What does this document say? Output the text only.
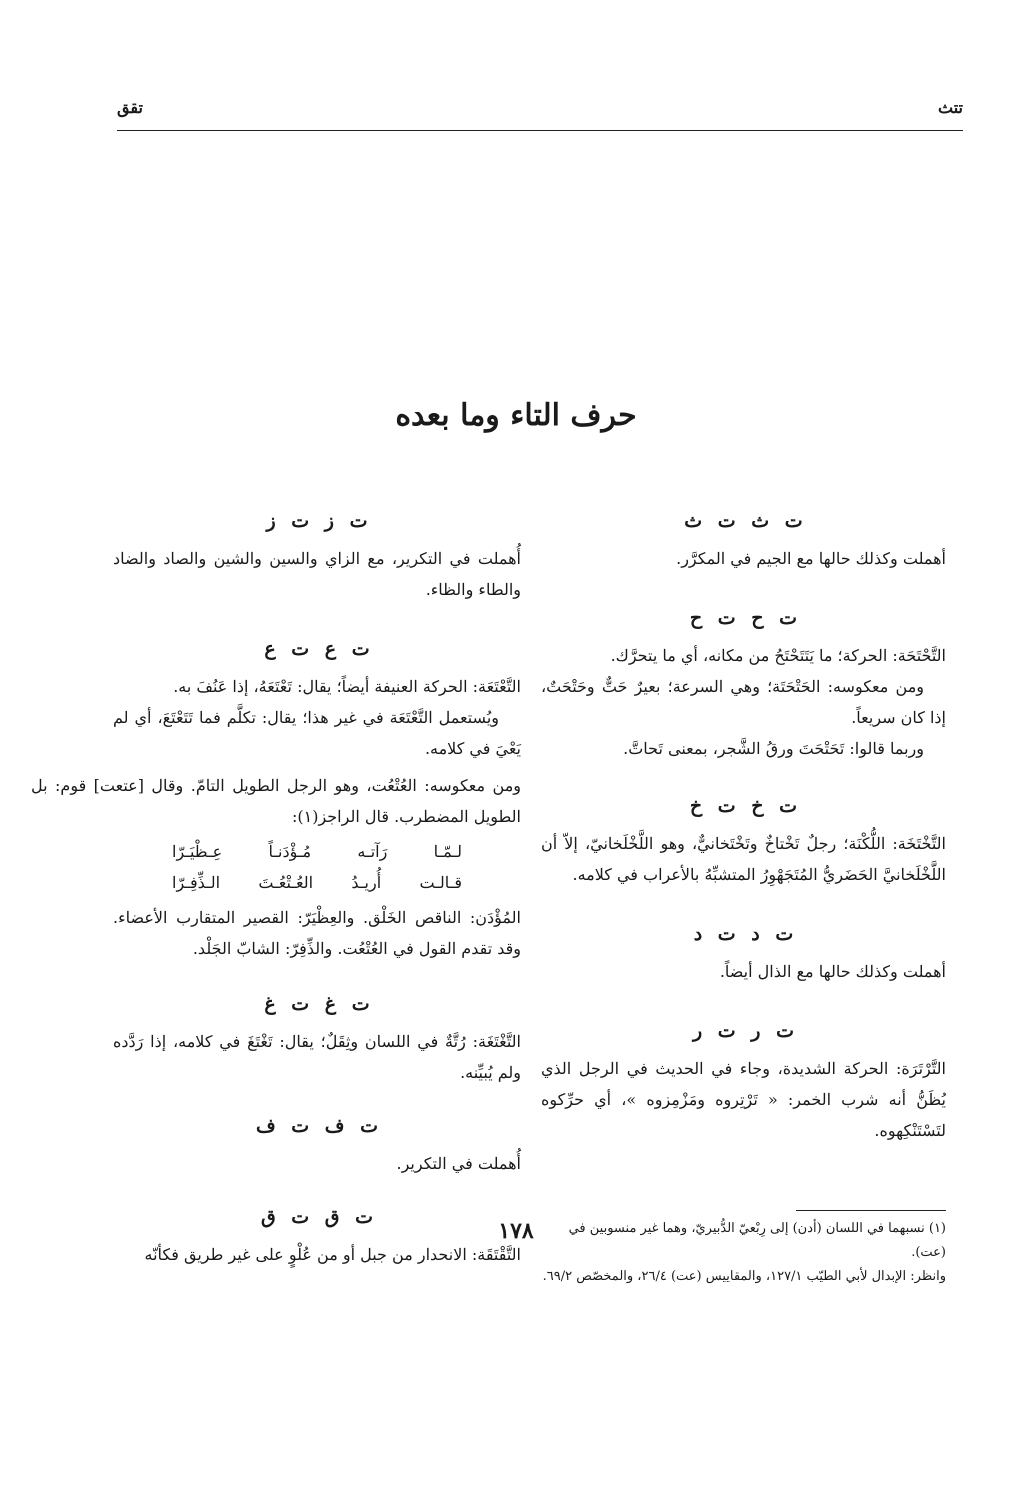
تتث
تقق
حرف التاء وما بعده
ت ث ت ث

أهملت وكذلك حالها مع الجيم في المكرَّر.

ت ح ت ح

التَّحْتَحَة: الحركة؛ ما يَتَتَحْتَحُ من مكانه، أي ما يتحرَّك.

ومن معكوسه: الحَتْحَتَة؛ وهي السرعة؛ بعيرٌ حَتٌّ وحَتْحَتٌ، إذا كان سريعاً.

وربما قالوا: تَحَتْحَتَ ورقُ الشَّجر، بمعنى تَحاتَّ.

ت خ ت خ

التَّخْتَخَة: اللُّكْنَة؛ رجلٌ تَخْتاخٌ وتَخْتَخانيٌّ، وهو اللَّخْلَخانيّ، إلاّ أن اللَّخْلَخانيَّ الحَضَريُّ المُتَجَهْوِرُ المتشبِّهُ بالأعراب في كلامه.

ت د ت د

أهملت وكذلك حالها مع الذال أيضاً.

ت ر ت ر

التَّرْتَرَة: الحركة الشديدة، وجاء في الحديث في الرجل الذي يُظَنُّ أنه شرب الخمر: « تَرْتِروه ومَزْمِزوه »، أي حرِّكوه لتَسْتَنْكِهوه.

ت ز ت ز

أُهملت في التكرير، مع الزاي والسين والشين والصاد والضاد والطاء والظاء.

ت ع ت ع

التَّعْتَعَة: الحركة العنيفة أيضاً؛ يقال: تَعْتَعَهُ، إذا عَنُفَ به.

ويُستعمل التَّعْتَعَة في غير هذا؛ يقال: تكلَّم فما تَتَعْتَعَ، أي لم يَعْيَ في كلامه.

ومن معكوسه: العُتْعُت، وهو الرجل الطويل التامّ. وقال [عتعت] قوم: بل الطويل المضطرب. قال الراجز(١):

لـمّـا رَآتـه مُـؤْدَنـاً عِـظْيَـرّا
قـالـت أُريـدُ العُـتْعُـتَ الـذِّفِـرّا

المُؤْدَن: الناقص الخَلْق. والعِظْيَرّ: القصير المتقارب الأعضاء. وقد تقدم القول في العُتْعُت. والذِّفِرّ: الشابّ الجَلْد.

ت غ ت غ

التَّغْتَغَة: رُتَّةٌ في اللسان وثِقَلٌ؛ يقال: تَغْتَغَ في كلامه، إذا رَدَّده ولم يُبيِّنه.

ت ف ت ف

أُهملت في التكرير.

ت ق ت ق

التَّقْتَقَة: الانحدار من جبل أو من عُلْوٍ على غير طريق فكأنّه

(١) نسبهما في اللسان (أدن) إلى رِبْعيّ الدُّبيريّ، وهما غير منسوبين في (عت).
وانظر: الإبدال لأبي الطيّب ١٢٧/١، والمقاييس (عت) ٢٦/٤، والمخصّص ٦٩/٢.
١٧٨
